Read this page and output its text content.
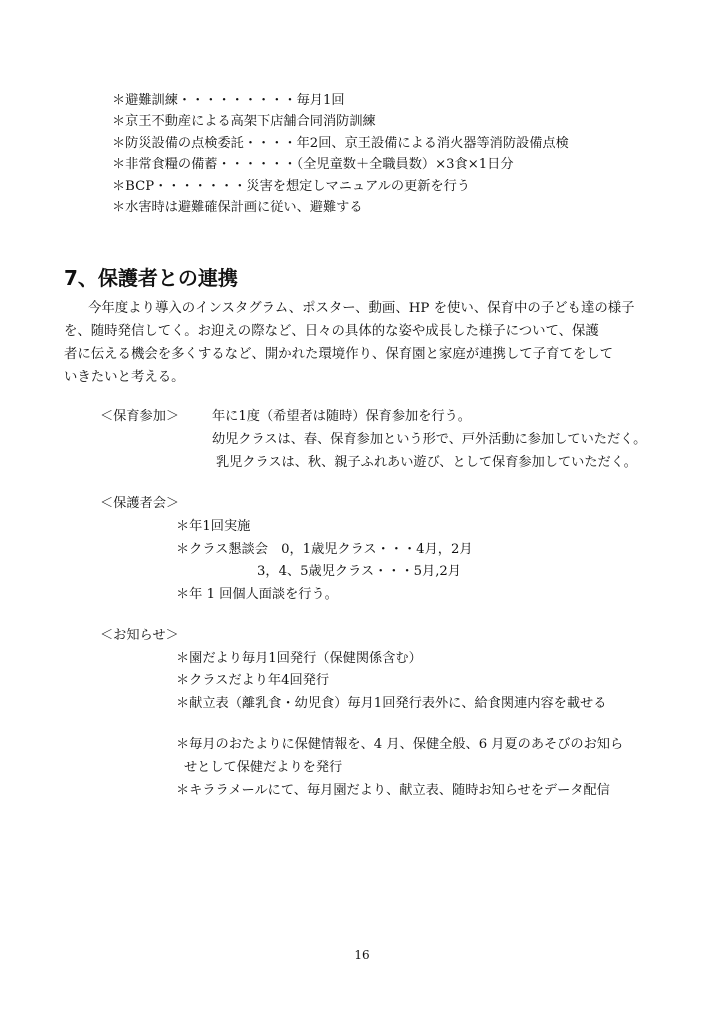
＊避難訓練・・・・・・・・・毎月1回
＊京王不動産による高架下店舗合同消防訓練
＊防災設備の点検委託・・・・年2回、京王設備による消火器等消防設備点検
＊非常食糧の備蓄・・・・・・（全児童数＋全職員数）×3食×1日分
＊BCP・・・・・・・災害を想定しマニュアルの更新を行う
＊水害時は避難確保計画に従い、避難する
7、保護者との連携
今年度より導入のインスタグラム、ポスター、動画、HP を使い、保育中の子ども達の様子
を、随時発信してく。お迎えの際など、日々の具体的な姿や成長した様子について、保護
者に伝える機会を多くするなど、開かれた環境作り、保育園と家庭が連携して子育てをして
いきたいと考える。
＜保育参加＞ 年に1度（希望者は随時）保育参加を行う。
幼児クラスは、春、保育参加という形で、戸外活動に参加していただく。
乳児クラスは、秋、親子ふれあい遊び、として保育参加していただく。
＜保護者会＞
＊年1回実施
＊クラス懇談会　0，1歳児クラス・・・4月，2月
3，4、5歳児クラス・・・5月,2月
＊年 1 回個人面談を行う。
＜お知らせ＞
＊園だより毎月1回発行（保健関係含む）
＊クラスだより年4回発行
＊献立表（離乳食・幼児食）毎月1回発行表外に、給食関連内容を載せる
＊毎月のおたよりに保健情報を、4 月、保健全般、6 月夏のあそびのお知ら
せとして保健だよりを発行
＊キララメールにて、毎月園だより、献立表、随時お知らせをデータ配信
16
